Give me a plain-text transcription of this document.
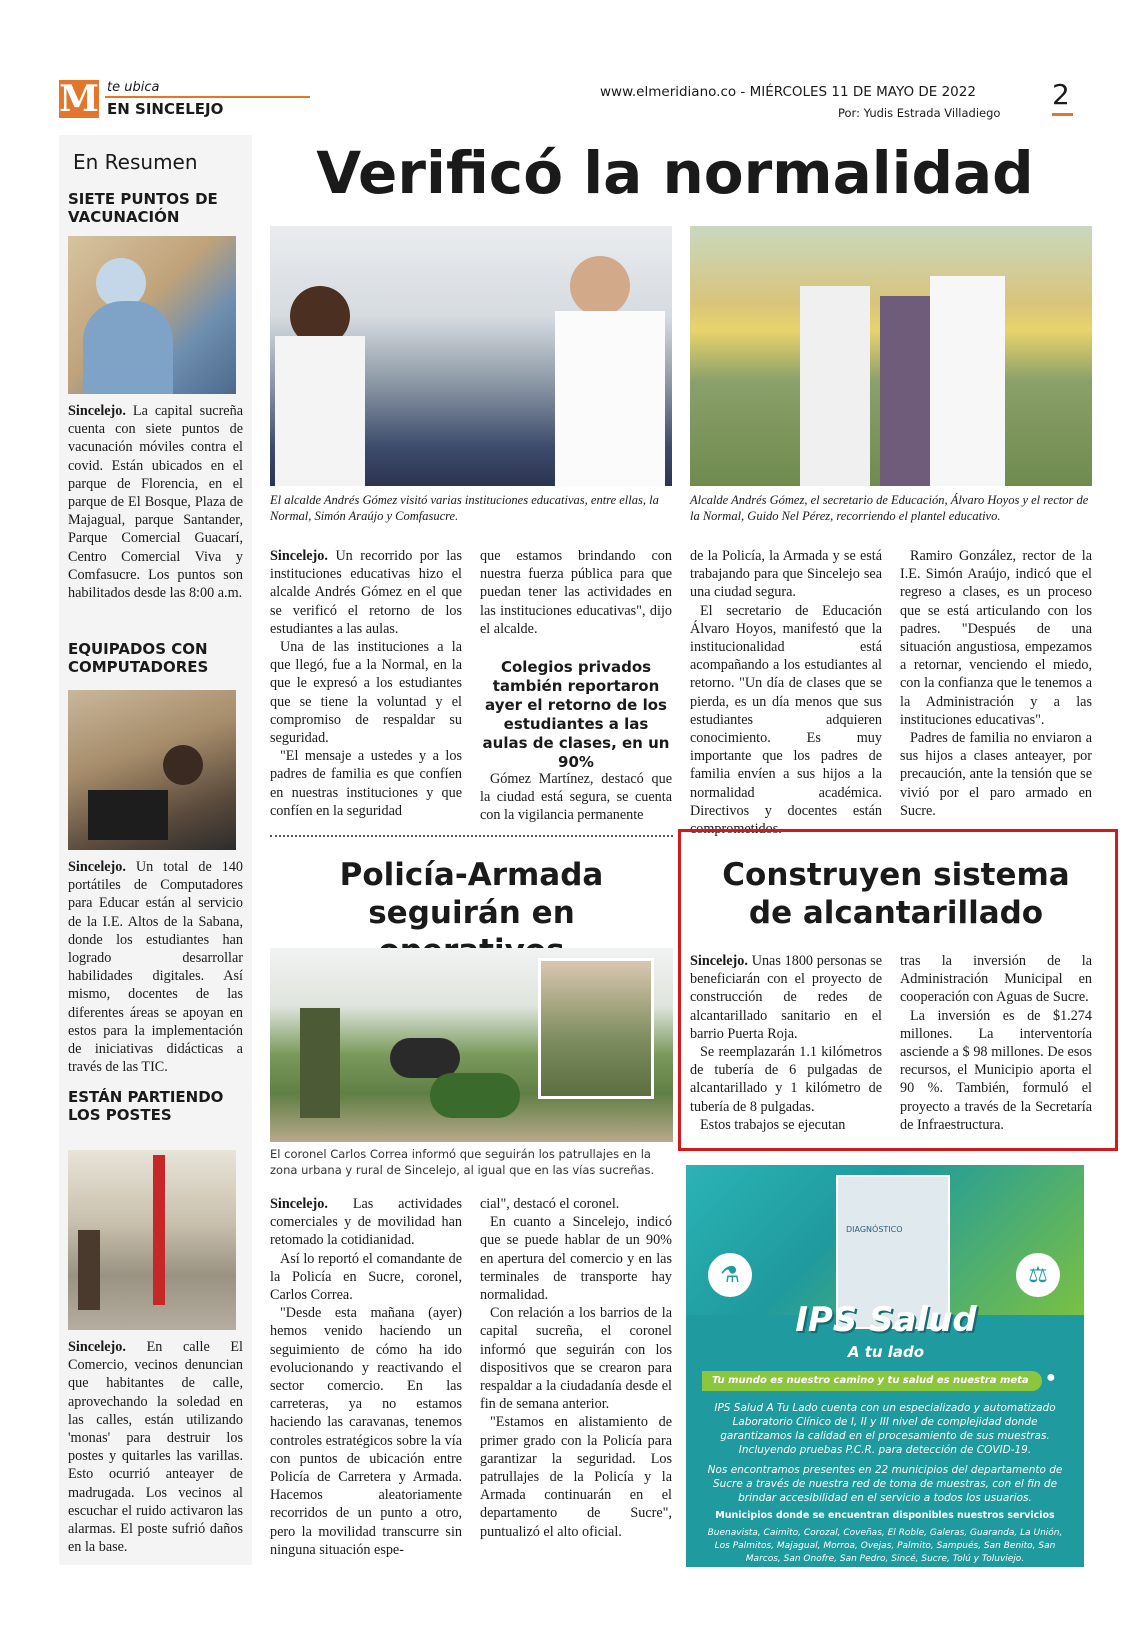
M te ubica
EN SINCELEJO
www.elmeridiano.co - MIÉRCOLES 11 DE MAYO DE 2022
Por: Yudis Estrada Villadiego
2
En Resumen
SIETE PUNTOS DE VACUNACIÓN

Sincelejo. La capital sucreña cuenta con siete puntos de vacunación móviles contra el covid. Están ubicados en el parque de Florencia, en el parque de El Bosque, Plaza de Majagual, parque Santander, Parque Comercial Guacarí, Centro Comercial Viva y Comfasucre. Los puntos son habilitados desde las 8:00 a.m.

EQUIPADOS CON COMPUTADORES

Sincelejo. Un total de 140 portátiles de Computadores para Educar están al servicio de la I.E. Altos de la Sabana, donde los estudiantes han logrado desarrollar habilidades digitales. Así mismo, docentes de las diferentes áreas se apoyan en estos para la implementación de iniciativas didácticas a través de las TIC.

ESTÁN PARTIENDO LOS POSTES

Sincelejo. En calle El Comercio, vecinos denuncian que habitantes de calle, aprovechando la soledad en las calles, están utilizando 'monas' para destruir los postes y quitarles las varillas. Esto ocurrió anteayer de madrugada. Los vecinos al escuchar el ruido activaron las alarmas. El poste sufrió daños en la base.

Verificó la normalidad
El alcalde Andrés Gómez visitó varias instituciones educativas, entre ellas, la Normal, Simón Araújo y Comfasucre.
Alcalde Andrés Gómez, el secretario de Educación, Álvaro Hoyos y el rector de la Normal, Guido Nel Pérez, recorriendo el plantel educativo.

Sincelejo. Un recorrido por las instituciones educativas hizo el alcalde Andrés Gómez en el que se verificó el retorno de los estudiantes a las aulas.

Una de las instituciones a la que llegó, fue a la Normal, en la que le expresó a los estudiantes que se tiene la voluntad y el compromiso de respaldar su seguridad.

"El mensaje a ustedes y a los padres de familia es que confíen en nuestras instituciones y que confíen en la seguridad

que estamos brindando con nuestra fuerza pública para que puedan tener las actividades en las instituciones educativas", dijo el alcalde.

Colegios privados también reportaron ayer el retorno de los estudiantes a las aulas de clases, en un 90%

Gómez Martínez, destacó que la ciudad está segura, se cuenta con la vigilancia permanente

de la Policía, la Armada y se está trabajando para que Sincelejo sea una ciudad segura.

El secretario de Educación Álvaro Hoyos, manifestó que la institucionalidad está acompañando a los estudiantes al retorno. "Un día de clases que se pierda, es un día menos que sus estudiantes adquieren conocimiento. Es muy importante que los padres de familia envíen a sus hijos a la normalidad académica. Directivos y docentes están comprometidos.

Ramiro González, rector de la I.E. Simón Araújo, indicó que el regreso a clases, es un proceso que se está articulando con los padres. "Después de una situación angustiosa, empezamos a retornar, venciendo el miedo, con la confianza que le tenemos a la Administración y a las instituciones educativas".

Padres de familia no enviaron a sus hijos a clases anteayer, por precaución, ante la tensión que se vivió por el paro armado en Sucre.

Policía-Armada
seguirán en
El coronel Carlos Correa informó que seguirán los patrullajes en la zona urbana y rural de Sincelejo, al igual que en las vías sucreñas.

Sincelejo. Las actividades comerciales y de movilidad han retomado la cotidianidad.

Así lo reportó el comandante de la Policía en Sucre, coronel, Carlos Correa.

"Desde esta mañana (ayer) hemos venido haciendo un seguimiento de cómo ha ido evolucionando y reactivando el sector comercio. En las carreteras, ya no estamos haciendo las caravanas, tenemos controles estratégicos sobre la vía con puntos de ubicación entre Policía de Carretera y Armada. Hacemos aleatoriamente recorridos de un punto a otro, pero la movilidad transcurre sin ninguna situación espe-

cial", destacó el coronel.

En cuanto a Sincelejo, indicó que se puede hablar de un 90% en apertura del comercio y en las terminales de transporte hay normalidad.

Con relación a los barrios de la capital sucreña, el coronel informó que seguirán con los dispositivos que se crearon para respaldar a la ciudadanía desde el fin de semana anterior.

"Estamos en alistamiento de primer grado con la Policía para garantizar la seguridad. Los patrullajes de la Policía y la Armada continuarán en el departamento de Sucre", puntualizó el alto oficial.

Construyen sistema
de alcantarillado

Sincelejo. Unas 1800 personas se beneficiarán con el proyecto de construcción de redes de alcantarillado sanitario en el barrio Puerta Roja.

Se reemplazarán 1.1 kilómetros de tubería de 6 pulgadas de alcantarillado y 1 kilómetro de tubería de 8 pulgadas.

Estos trabajos se ejecutan

tras la inversión de la Administración Municipal en cooperación con Aguas de Sucre.

La inversión es de $1.274 millones. La interventoría asciende a $ 98 millones. De esos recursos, el Municipio aporta el 90 %. También, formuló el proyecto a través de la Secretaría de Infraestructura.

DIAGNÓSTICO
⚗	⚖
IPS Salud
A tu lado
Tu mundo es nuestro camino y tu salud es nuestra meta	●
IPS Salud A Tu Lado cuenta con un especializado y automatizado Laboratorio Clínico de I, II y III nivel de complejidad donde garantizamos la calidad en el procesamiento de sus muestras. Incluyendo pruebas P.C.R. para detección de COVID-19.
Nos encontramos presentes en 22 municipios del departamento de Sucre a través de nuestra red de toma de muestras, con el fin de brindar accesibilidad en el servicio a todos los usuarios.
Municipios donde se encuentran disponibles nuestros servicios
Buenavista, Caimito, Corozal, Coveñas, El Roble, Galeras, Guaranda, La Unión, Los Palmitos, Majagual, Morroa, Ovejas, Palmito, Sampués, San Benito, San Marcos, San Onofre, San Pedro, Sincé, Sucre, Tolú y Toluviejo.
